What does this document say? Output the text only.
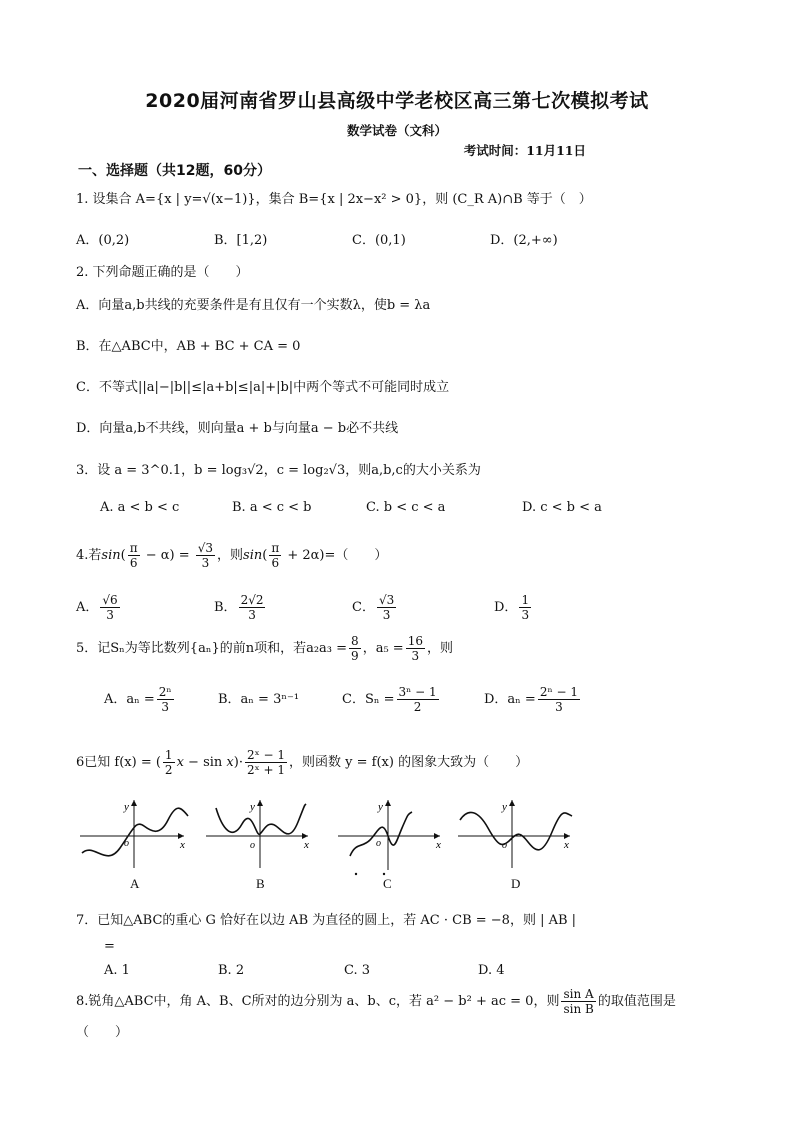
2020届河南省罗山县高级中学老校区高三第七次模拟考试
数学试卷（文科）
考试时间：11月11日
一、选择题（共12题，60分）
1. 设集合 A={x | y=√(x−1)}，集合 B={x | 2x−x² > 0}，则 (C_R A)∩B 等于（　）
A．(0,2)	B．[1,2)	C．(0,1)	D．(2,+∞)
2. 下列命题正确的是（　　）
A．向量a,b共线的充要条件是有且仅有一个实数λ，使b = λa
B．在△ABC中，AB + BC + CA = 0
C．不等式||a|−|b||≤|a+b|≤|a|+|b|中两个等式不可能同时成立
D．向量a,b不共线，则向量a + b与向量a − b必不共线
3．设 a = 3^0.1，b = log₃√2，c = log₂√3，则a,b,c的大小关系为
A. a < b < c	B. a < c < b	C. b < c < a	D. c < b < a
4.若$\sin( \frac{\pi}{6} - \alpha) = \frac{√3}{3}$ ，则$\sin( \frac{\pi}{6} + 2\alpha)=$（　　）
A． $\frac{√6}{3}$	B． $\frac{2√2}{3}$	C． $\frac{√3}{3}$	D． $\frac{1}{3}$
5．记Sₙ为等比数列{aₙ}的前n项和，若$a_2a_3 = \frac{8}{9}$ ，$a_5 = \frac{16}{3}$ ，则
A．$a_n = \frac{\text{2ⁿ}}{3}$	B．aₙ = 3ⁿ⁻¹	C．$S_n = \frac{\text{3ⁿ − 1}}{2}$	D．$a_n = \frac{\text{2ⁿ − 1}}{3}$
6已知 f(x) = ( $\frac{1}{2}$ $x - \sin x)\cdot \frac{\text{2ˣ − 1}}{\text{2ˣ + 1}}$ ，则函数 y = f(x) 的图象大致为（　　）
y
x
o
y
x
o
y
x
o
y
x
o
A	B	C	D
7．已知△ABC的重心 G 恰好在以边 AB 为直径的圆上，若 AC · CB = −8，则 | AB |
=
A. 1	B. 2	C. 3	D. 4
8.锐角△ABC中，角 A、B、C所对的边分别为 a、b、c，若 a² − b² + ac = 0，则 $\frac{\text{sin A}}{\text{sin B}}$ 的取值范围是
（　　）
